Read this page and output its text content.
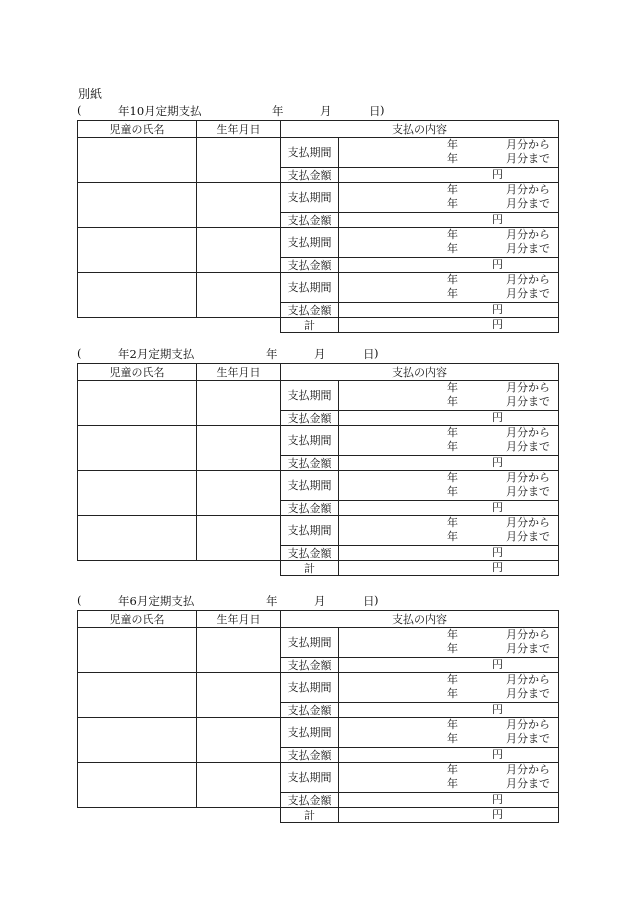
別紙
(	年10月定期支払	年	月	日 )
児童の氏名	生年月日	支払の内容	
		支払期間	年 月分から
年 月分まで

		支払金額	円

		支払期間	年 月分から
年 月分まで

		支払金額	円

		支払期間	年 月分から
年 月分まで

		支払金額	円

		支払期間	年 月分から
年 月分まで

		支払金額	円

		計	円
(	年2月定期支払	年	月	日 )
児童の氏名	生年月日	支払の内容	
		支払期間	年 月分から
年 月分まで

		支払金額	円

		支払期間	年 月分から
年 月分まで

		支払金額	円

		支払期間	年 月分から
年 月分まで

		支払金額	円

		支払期間	年 月分から
年 月分まで

		支払金額	円

		計	円
(	年6月定期支払	年	月	日 )
児童の氏名	生年月日	支払の内容	
		支払期間	年 月分から
年 月分まで

		支払金額	円

		支払期間	年 月分から
年 月分まで

		支払金額	円

		支払期間	年 月分から
年 月分まで

		支払金額	円

		支払期間	年 月分から
年 月分まで

		支払金額	円

		計	円
